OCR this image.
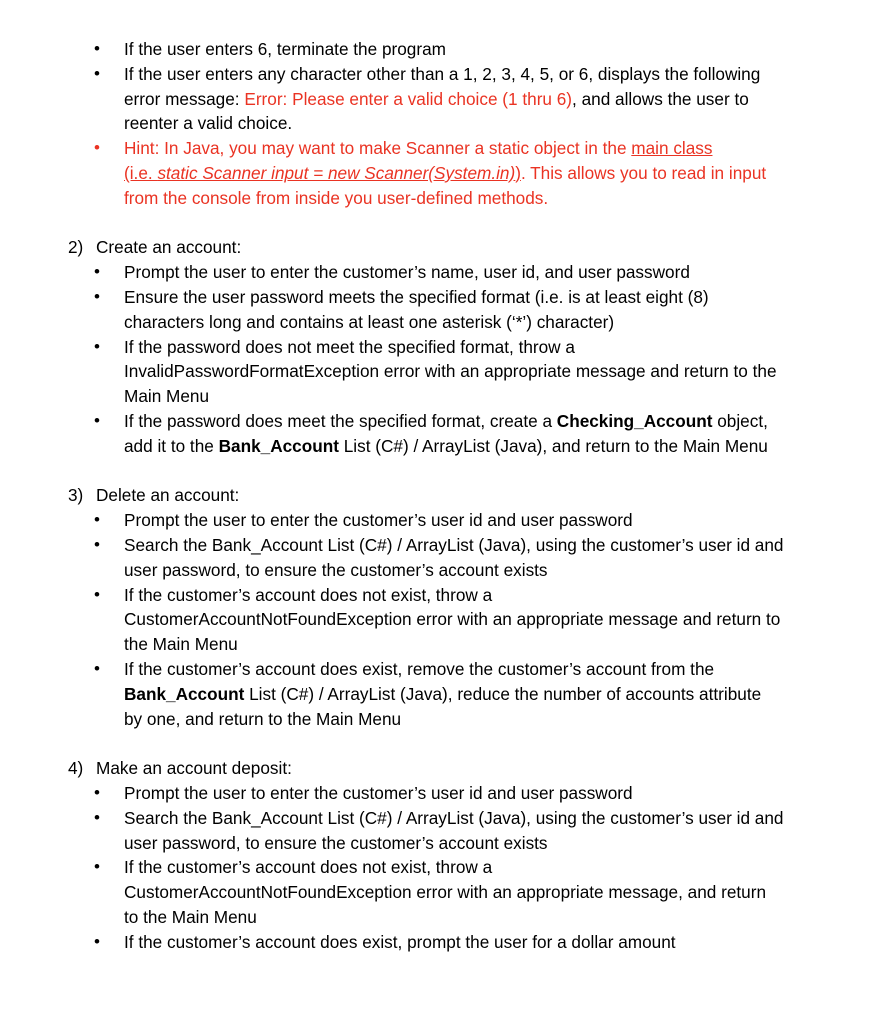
• If the user enters 6, terminate the program
• If the user enters any character other than a 1, 2, 3, 4, 5, or 6, displays the following error message: Error: Please enter a valid choice (1 thru 6), and allows the user to reenter a valid choice.
• Hint: In Java, you may want to make Scanner a static object in the main class
(i.e. static Scanner input = new Scanner(System.in)). This allows you to read in input from the console from inside you user-defined methods.
2) Create an account:
• Prompt the user to enter the customer’s name, user id, and user password
• Ensure the user password meets the specified format (i.e. is at least eight (8) characters long and contains at least one asterisk (‘*’) character)
• If the password does not meet the specified format, throw a InvalidPasswordFormatException error with an appropriate message and return to the Main Menu
• If the password does meet the specified format, create a Checking_Account object, add it to the Bank_Account List (C#) / ArrayList (Java), and return to the Main Menu
3) Delete an account:
• Prompt the user to enter the customer’s user id and user password
• Search the Bank_Account List (C#) / ArrayList (Java), using the customer’s user id and user password, to ensure the customer’s account exists
• If the customer’s account does not exist, throw a CustomerAccountNotFoundException error with an appropriate message and return to the Main Menu
• If the customer’s account does exist, remove the customer’s account from the Bank_Account List (C#) / ArrayList (Java), reduce the number of accounts attribute by one, and return to the Main Menu
4) Make an account deposit:
• Prompt the user to enter the customer’s user id and user password
• Search the Bank_Account List (C#) / ArrayList (Java), using the customer’s user id and user password, to ensure the customer’s account exists
• If the customer’s account does not exist, throw a CustomerAccountNotFoundException error with an appropriate message, and return to the Main Menu
• If the customer’s account does exist, prompt the user for a dollar amount
